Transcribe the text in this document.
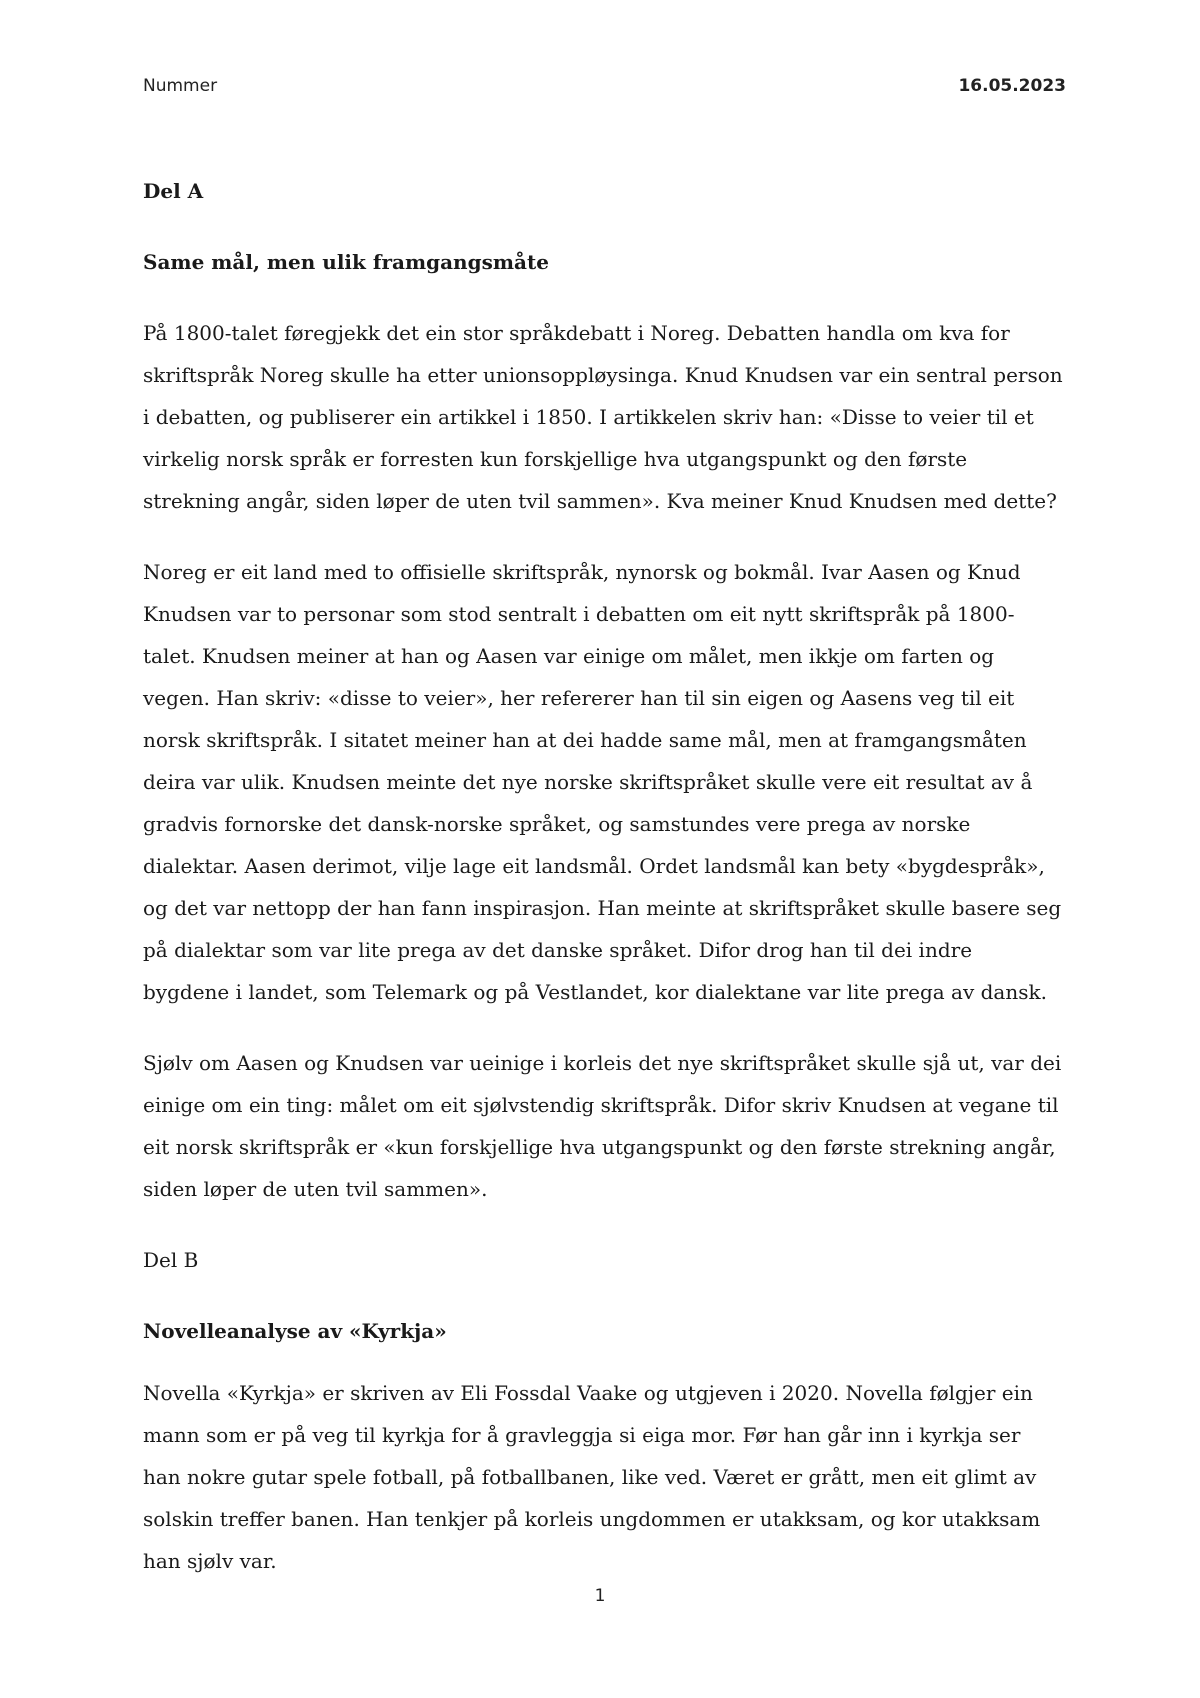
Nummer	16.05.2023

Del A

Same mål, men ulik framgangsmåte

På 1800-talet føregjekk det ein stor språkdebatt i Noreg. Debatten handla om kva for skriftspråk Noreg skulle ha etter unionsoppløysinga. Knud Knudsen var ein sentral person i debatten, og publiserer ein artikkel i 1850. I artikkelen skriv han: «Disse to veier til et virkelig norsk språk er forresten kun forskjellige hva utgangspunkt og den første strekning angår, siden løper de uten tvil sammen». Kva meiner Knud Knudsen med dette?

Noreg er eit land med to offisielle skriftspråk, nynorsk og bokmål. Ivar Aasen og Knud Knudsen var to personar som stod sentralt i debatten om eit nytt skriftspråk på 1800-talet. Knudsen meiner at han og Aasen var einige om målet, men ikkje om farten og vegen. Han skriv: «disse to veier», her refererer han til sin eigen og Aasens veg til eit norsk skriftspråk. I sitatet meiner han at dei hadde same mål, men at framgangsmåten deira var ulik. Knudsen meinte det nye norske skriftspråket skulle vere eit resultat av å gradvis fornorske det dansk-norske språket, og samstundes vere prega av norske dialektar. Aasen derimot, vilje lage eit landsmål. Ordet landsmål kan bety «bygdespråk», og det var nettopp der han fann inspirasjon. Han meinte at skriftspråket skulle basere seg på dialektar som var lite prega av det danske språket. Difor drog han til dei indre bygdene i landet, som Telemark og på Vestlandet, kor dialektane var lite prega av dansk.

Sjølv om Aasen og Knudsen var ueinige i korleis det nye skriftspråket skulle sjå ut, var dei einige om ein ting: målet om eit sjølvstendig skriftspråk. Difor skriv Knudsen at vegane til eit norsk skriftspråk er «kun forskjellige hva utgangspunkt og den første strekning angår, siden løper de uten tvil sammen».

Del B

Novelleanalyse av «Kyrkja»

Novella «Kyrkja» er skriven av Eli Fossdal Vaake og utgjeven i 2020. Novella følgjer ein mann som er på veg til kyrkja for å gravleggja si eiga mor. Før han går inn i kyrkja ser han nokre gutar spele fotball, på fotballbanen, like ved. Været er grått, men eit glimt av solskin treffer banen. Han tenkjer på korleis ungdommen er utakksam, og kor utakksam han sjølv var.

1
